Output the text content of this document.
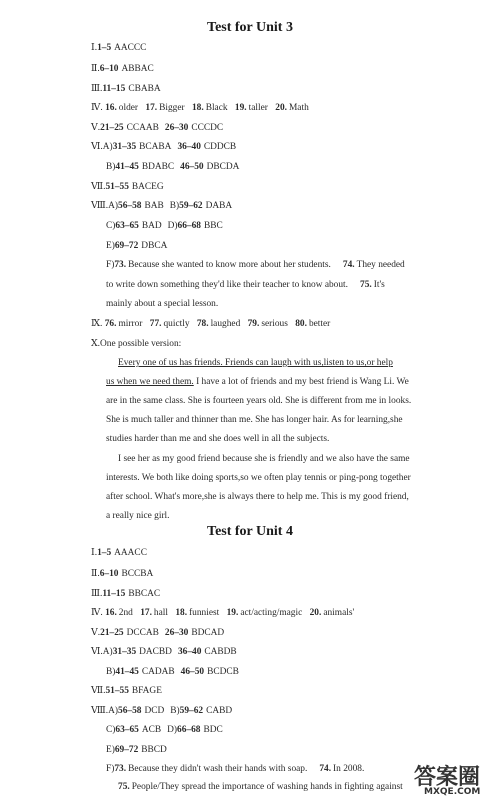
Test for Unit 3
Ⅰ.1–5 AACCC
Ⅱ.6–10 ABBAC
Ⅲ.11–15 CBABA
Ⅳ. 16. older 17. Bigger 18. Black 19. taller 20. Math
Ⅴ.21–25 CCAAB 26–30 CCCDC
Ⅵ.A)31–35 BCABA 36–40 CDDCB
B)41–45 BDABC 46–50 DBCDA
Ⅶ.51–55 BACEG
Ⅷ.A)56–58 BAB B)59–62 DABA
C)63–65 BAD D)66–68 BBC
E)69–72 DBCA
F)73. Because she wanted to know more about her students. 74. They needed
to write down something they'd like their teacher to know about. 75. It's
mainly about a special lesson.
Ⅸ. 76. mirror 77. quictly 78. laughed 79. serious 80. better
Ⅹ.One possible version:
Every one of us has friends. Friends can laugh with us,listen to us,or help
us when we need them. I have a lot of friends and my best friend is Wang Li. We
are in the same class. She is fourteen years old. She is different from me in looks.
She is much taller and thinner than me. She has longer hair. As for learning,she
studies harder than me and she does well in all the subjects.
I see her as my good friend because she is friendly and we also have the same
interests. We both like doing sports,so we often play tennis or ping-pong together
after school. What's more,she is always there to help me. This is my good friend,
a really nice girl.
Test for Unit 4
Ⅰ.1–5 AAACC
Ⅱ.6–10 BCCBA
Ⅲ.11–15 BBCAC
Ⅳ. 16. 2nd 17. hall 18. funniest 19. act/acting/magic 20. animals'
Ⅴ.21–25 DCCAB 26–30 BDCAD
Ⅵ.A)31–35 DACBD 36–40 CABDB
B)41–45 CADAB 46–50 BCDCB
Ⅶ.51–55 BFAGE
Ⅷ.A)56–58 DCD B)59–62 CABD
C)63–65 ACB D)66–68 BDC
E)69–72 BBCD
F)73. Because they didn't wash their hands with soap. 74. In 2008.
75. People/They spread the importance of washing hands in fighting against 答案圈
MXQE.COM
